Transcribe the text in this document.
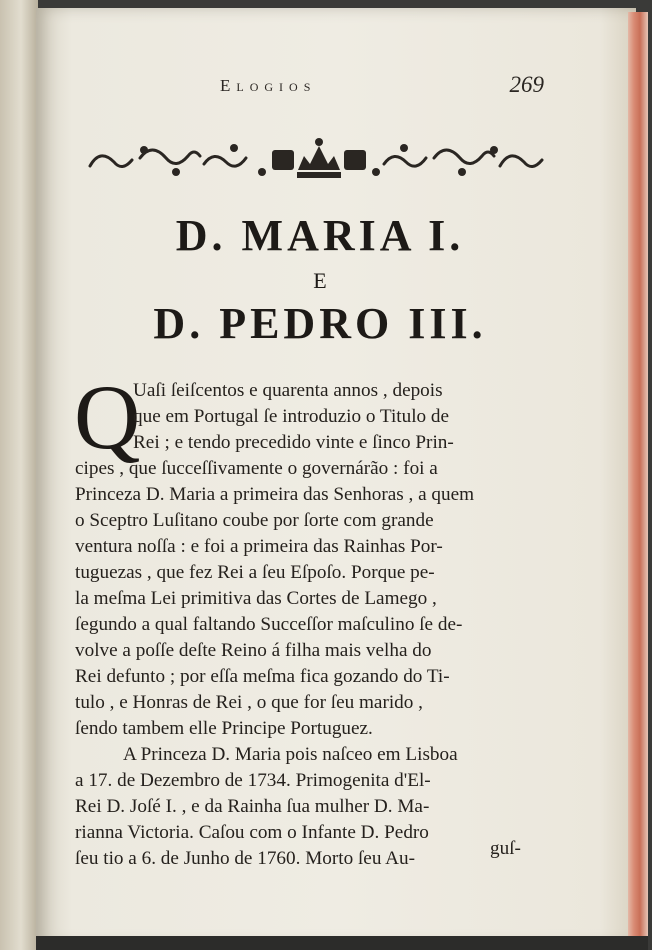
Elogios	269
D. MARIA I.
E
D. PEDRO III.
Q
Uaſi ſeiſcentos e quarenta annos , depois
que em Portugal ſe introduzio o Titulo de
Rei ; e tendo precedido vinte e ſinco Prin-
cipes , que ſucceſſivamente o governárão : foi a
Princeza D. Maria a primeira das Senhoras , a quem
o Sceptro Luſitano coube por ſorte com grande
ventura noſſa : e foi a primeira das Rainhas Por-
tuguezas , que fez Rei a ſeu Eſpoſo. Porque pe-
la meſma Lei primitiva das Cortes de Lamego ,
ſegundo a qual faltando Succeſſor maſculino ſe de-
volve a poſſe deſte Reino á filha mais velha do
Rei defunto ; por eſſa meſma fica gozando do Ti-
tulo , e Honras de Rei , o que for ſeu marido ,
ſendo tambem elle Principe Portuguez.
A Princeza D. Maria pois naſceo em Lisboa
a 17. de Dezembro de 1734. Primogenita d'El-
Rei D. Joſé I. , e da Rainha ſua mulher D. Ma-
rianna Victoria. Caſou com o Infante D. Pedro
ſeu tio a 6. de Junho de 1760. Morto ſeu Au-	guſ-
